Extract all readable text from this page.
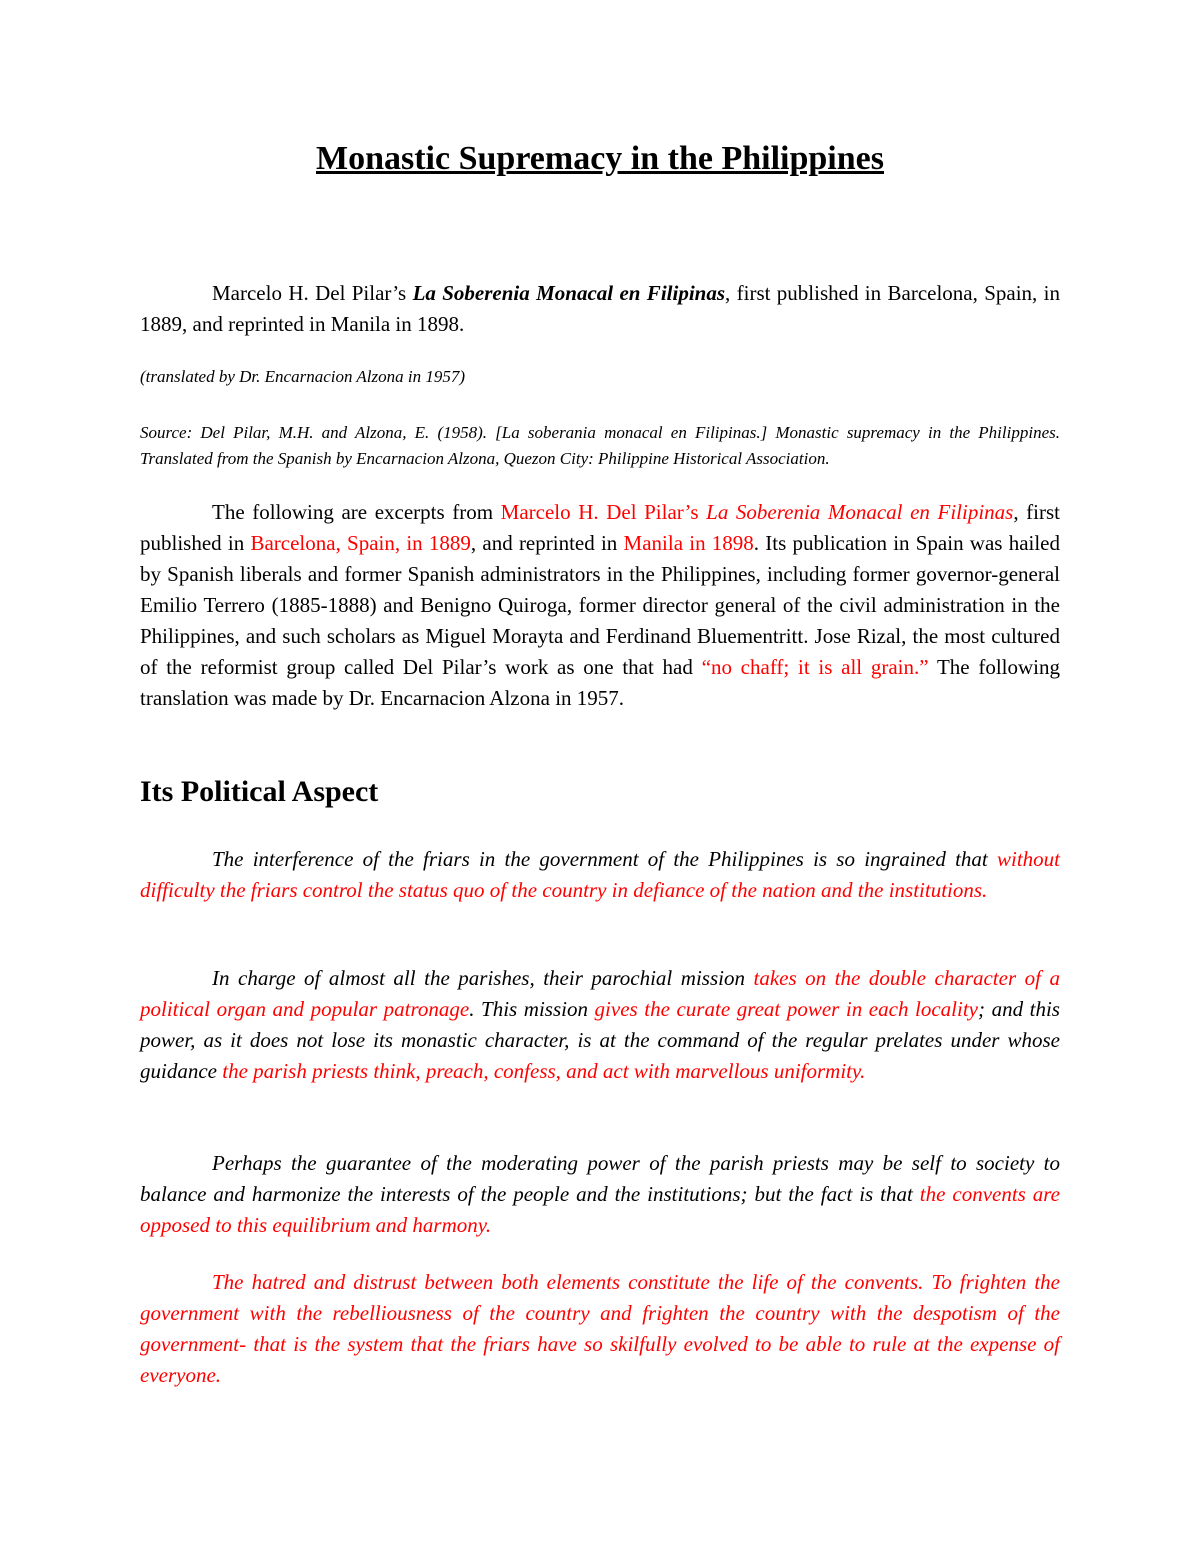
Monastic Supremacy in the Philippines

Marcelo H. Del Pilar’s La Soberenia Monacal en Filipinas, first published in Barcelona, Spain, in 1889, and reprinted in Manila in 1898.

(translated by Dr. Encarnacion Alzona in 1957)

Source: Del Pilar, M.H. and Alzona, E. (1958). [La soberania monacal en Filipinas.] Monastic supremacy in the Philippines. Translated from the Spanish by Encarnacion Alzona, Quezon City: Philippine Historical Association.

The following are excerpts from Marcelo H. Del Pilar’s La Soberenia Monacal en Filipinas, first published in Barcelona, Spain, in 1889, and reprinted in Manila in 1898. Its publication in Spain was hailed by Spanish liberals and former Spanish administrators in the Philippines, including former governor-general Emilio Terrero (1885-1888) and Benigno Quiroga, former director general of the civil administration in the Philippines, and such scholars as Miguel Morayta and Ferdinand Bluementritt. Jose Rizal, the most cultured of the reformist group called Del Pilar’s work as one that had “no chaff; it is all grain.” The following translation was made by Dr. Encarnacion Alzona in 1957.

Its Political Aspect

The interference of the friars in the government of the Philippines is so ingrained that without difficulty the friars control the status quo of the country in defiance of the nation and the institutions.

In charge of almost all the parishes, their parochial mission takes on the double character of a political organ and popular patronage. This mission gives the curate great power in each locality; and this power, as it does not lose its monastic character, is at the command of the regular prelates under whose guidance the parish priests think, preach, confess, and act with marvellous uniformity.

Perhaps the guarantee of the moderating power of the parish priests may be self to society to balance and harmonize the interests of the people and the institutions; but the fact is that the convents are opposed to this equilibrium and harmony.

The hatred and distrust between both elements constitute the life of the convents. To frighten the government with the rebelliousness of the country and frighten the country with the despotism of the government- that is the system that the friars have so skilfully evolved to be able to rule at the expense of everyone.
